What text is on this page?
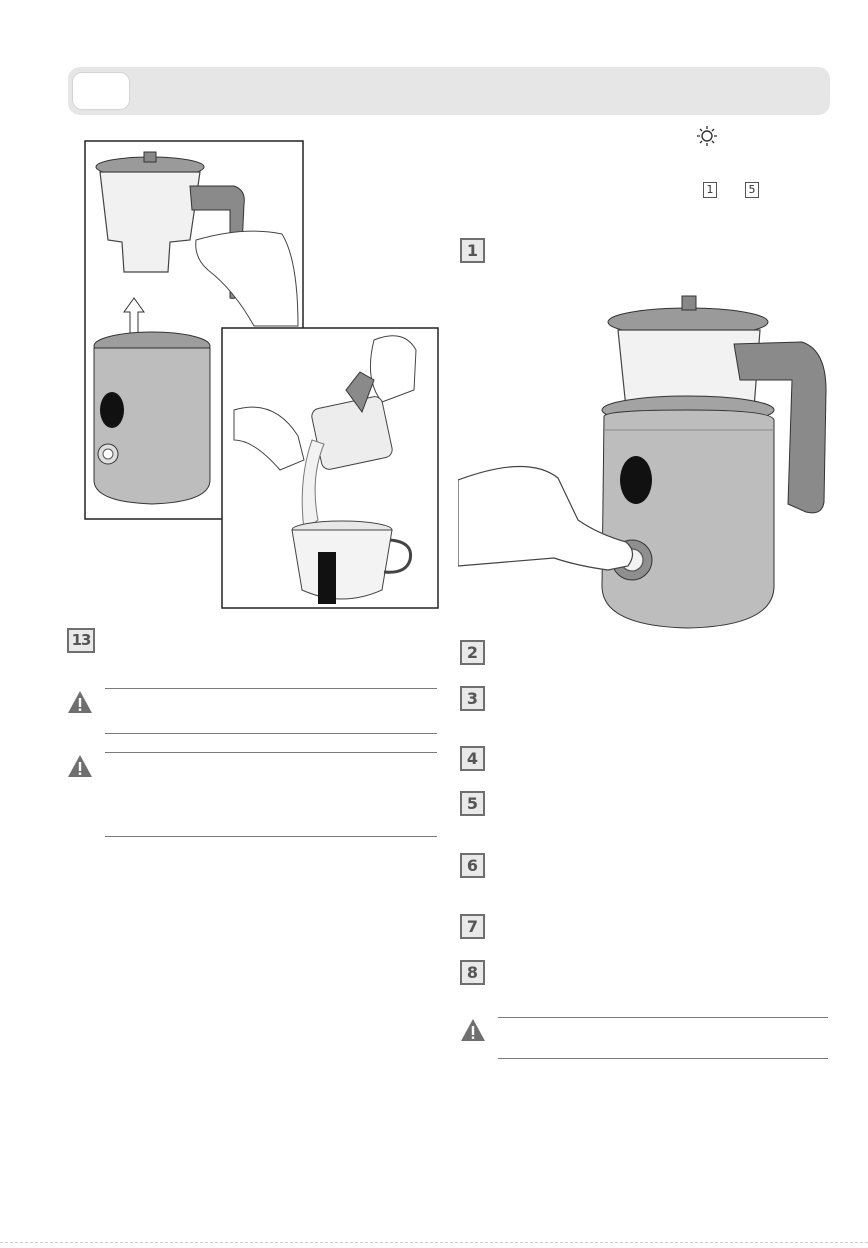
1	5
13
1
2
3
4
5
6
7
8
